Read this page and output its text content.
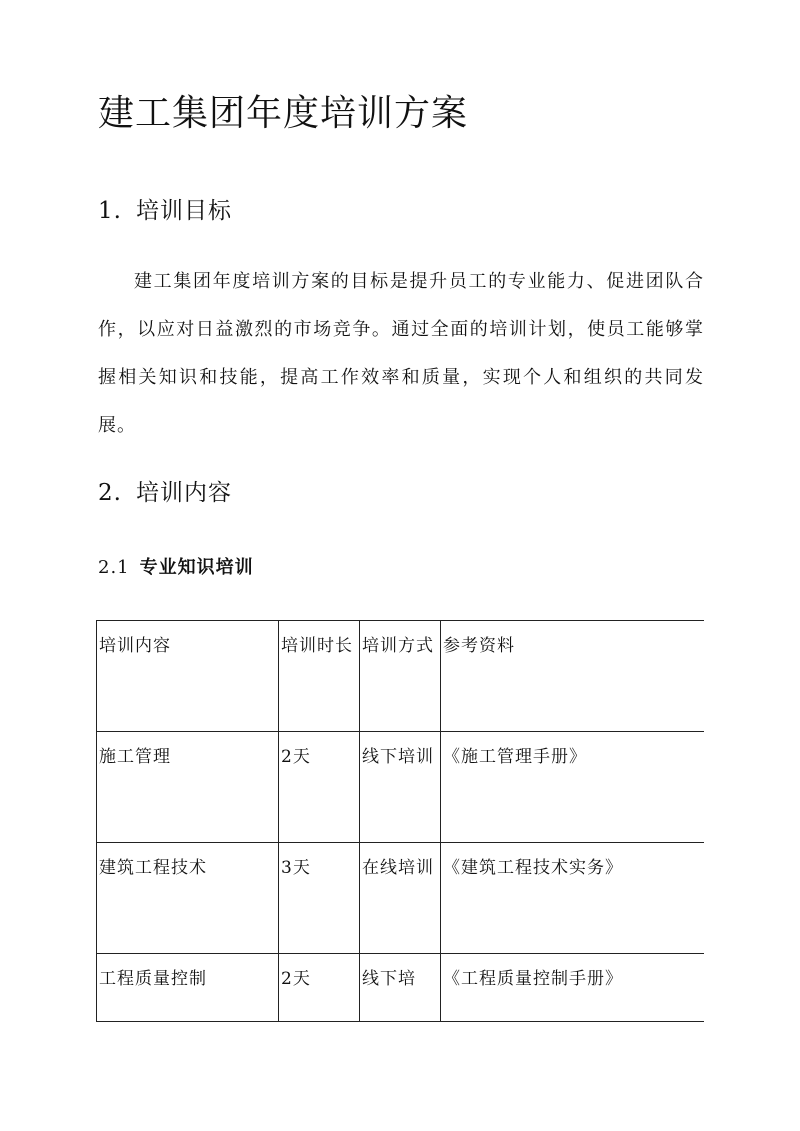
建工集团年度培训方案
1. 培训目标

建工集团年度培训方案的目标是提升员工的专业能力、促进团队合作，以应对日益激烈的市场竞争。通过全面的培训计划，使员工能够掌握相关知识和技能，提高工作效率和质量，实现个人和组织的共同发展。

2. 培训内容
2.1 专业知识培训
培训内容	培训时长	培训方式	参考资料
施工管理	2天	线下培训	《施工管理手册》
建筑工程技术	3天	在线培训	《建筑工程技术实务》
工程质量控制	2天	线下培	《工程质量控制手册》
